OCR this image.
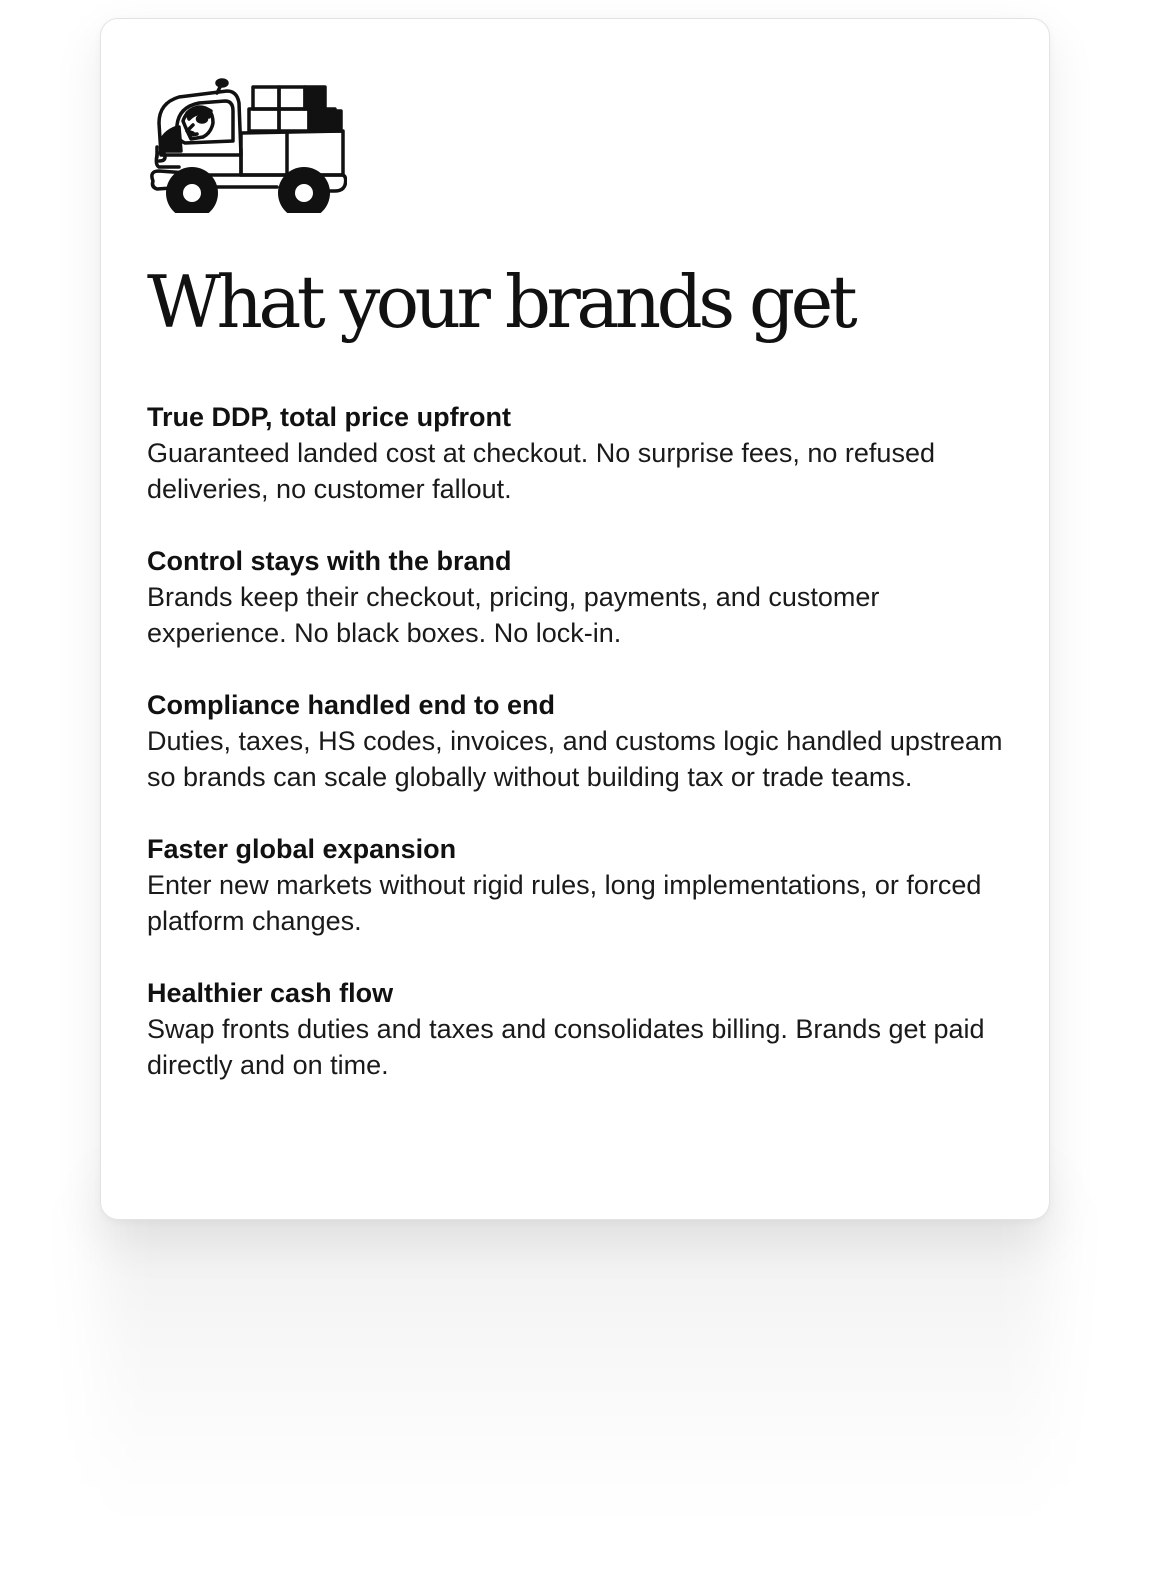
What your brands get
True DDP, total price upfront
Guaranteed landed cost at checkout. No surprise fees, no refused deliveries, no customer fallout.
Control stays with the brand
Brands keep their checkout, pricing, payments, and customer experience. No black boxes. No lock-in.
Compliance handled end to end
Duties, taxes, HS codes, invoices, and customs logic handled upstream so brands can scale globally without building tax or trade teams.
Faster global expansion
Enter new markets without rigid rules, long implementations, or forced platform changes.
Healthier cash flow
Swap fronts duties and taxes and consolidates billing. Brands get paid directly and on time.
